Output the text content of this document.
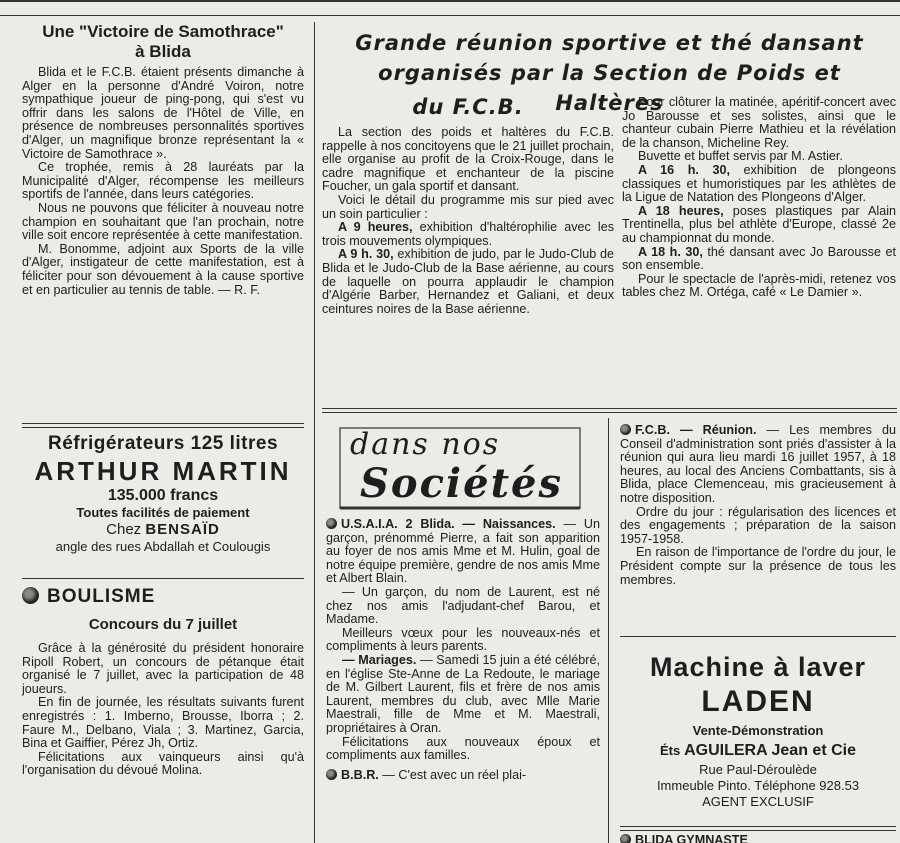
Une "Victoire de Samothrace"

à Blida

Blida et le F.C.B. étaient présents dimanche à Alger en la personne d'André Voiron, notre sympathique joueur de ping-pong, qui s'est vu offrir dans les salons de l'Hôtel de Ville, en présence de nombreuses personnalités sportives d'Alger, un magnifique bronze représentant la « Victoire de Samothrace ».

Ce trophée, remis à 28 lauréats par la Municipalité d'Alger, récompense les meilleurs sportifs de l'année, dans leurs catégories.

Nous ne pouvons que féliciter à nouveau notre champion en souhaitant que l'an prochain, notre ville soit encore représentée à cette manifestation.

M. Bonomme, adjoint aux Sports de la ville d'Alger, instigateur de cette manifestation, est à féliciter pour son dévouement à la cause sportive et en particulier au tennis de table. — R. F.

Réfrigérateurs 125 litres

ARTHUR MARTIN

135.000 francs

Toutes facilités de paiement

Chez BENSAÏD

angle des rues Abdallah et Coulougis

BOULISME

Concours du 7 juillet

Grâce à la générosité du président honoraire Ripoll Robert, un concours de pétanque était organisé le 7 juillet, avec la participation de 48 joueurs.

En fin de journée, les résultats suivants furent enregistrés : 1. Imberno, Brousse, Iborra ; 2. Faure M., Delbano, Viala ; 3. Martinez, Garcia, Bina et Gaiffier, Pérez Jh, Ortiz.

Félicitations aux vainqueurs ainsi qu'à l'organisation du dévoué Molina.

Grande réunion sportive et thé dansant

organisés par la Section de Poids et Haltères

du F.C.B.

La section des poids et haltères du F.C.B. rappelle à nos concitoyens que le 21 juillet prochain, elle organise au profit de la Croix-Rouge, dans le cadre magnifique et enchanteur de la piscine Foucher, un gala sportif et dansant.

Voici le détail du programme mis sur pied avec un soin particulier :

A 9 heures, exhibition d'haltérophilie avec les trois mouvements olympiques.

A 9 h. 30, exhibition de judo, par le Judo-Club de Blida et le Judo-Club de la Base aérienne, au cours de laquelle on pourra applaudir le champion d'Algérie Barber, Hernandez et Galiani, et deux ceintures noires de la Base aérienne.

Pour clôturer la matinée, apéritif-concert avec Jo Barousse et ses solistes, ainsi que le chanteur cubain Pierre Mathieu et la révélation de la chanson, Micheline Rey.

Buvette et buffet servis par M. Astier.

A 16 h. 30, exhibition de plongeons classiques et humoristiques par les athlètes de la Ligue de Natation des Plongeons d'Alger.

A 18 heures, poses plastiques par Alain Trentinella, plus bel athlète d'Europe, classé 2e au championnat du monde.

A 18 h. 30, thé dansant avec Jo Barousse et son ensemble.

Pour le spectacle de l'après-midi, retenez vos tables chez M. Ortéga, café « Le Damier ».

dans nos
Sociétés

U.S.A.I.A. 2 Blida. — Naissances. — Un garçon, prénommé Pierre, a fait son apparition au foyer de nos amis Mme et M. Hulin, goal de notre équipe première, gendre de nos amis Mme et Albert Blain.

— Un garçon, du nom de Laurent, est né chez nos amis l'adjudant-chef Barou, et Madame.

Meilleurs vœux pour les nouveaux-nés et compliments à leurs parents.

— Mariages. — Samedi 15 juin a été célébré, en l'église Ste-Anne de La Redoute, le mariage de M. Gilbert Laurent, fils et frère de nos amis Laurent, membres du club, avec Mlle Marie Maestrali, fille de Mme et M. Maestrali, propriétaires à Oran.

Félicitations aux nouveaux époux et compliments aux familles.

B.B.R. — C'est avec un réel plai-

F.C.B. — Réunion. — Les membres du Conseil d'administration sont priés d'assister à la réunion qui aura lieu mardi 16 juillet 1957, à 18 heures, au local des Anciens Combattants, sis à Blida, place Clemenceau, mis gracieusement à notre disposition.

Ordre du jour : régularisation des licences et des engagements ; préparation de la saison 1957-1958.

En raison de l'importance de l'ordre du jour, le Président compte sur la présence de tous les membres.

Machine à laver

LADEN

Vente-Démonstration

Éts AGUILERA Jean et Cie

Rue Paul-Déroulède

Immeuble Pinto. Téléphone 928.53

AGENT EXCLUSIF

BLIDA GYMNASTE
